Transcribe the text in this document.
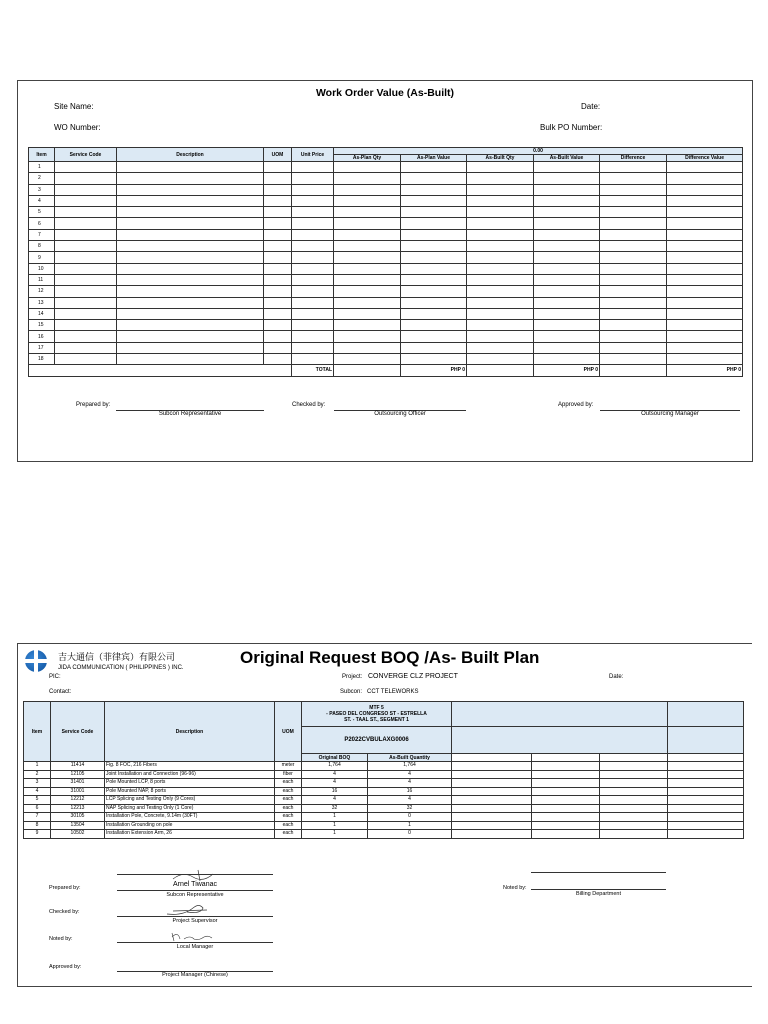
Work Order Value (As-Built)
Site Name:	Date:
WO Number:	Bulk PO Number:
Item	Service Code	Description	UOM	Unit Price	0.00					
					As-Plan Qty	As-Plan Value	As-Built Qty	As-Built Value	Difference	Difference Value
1										
2										
3										
4										
5										
6										
7										
8										
9										
10										
11										
12										
13										
14										
15										
16										
17										
18										
				TOTAL		PHP 0		PHP 0		PHP 0
Prepared by:
Subcon Representative
Checked by:
Outsourcing Officer
Approved by:
Outsourcing Manager
吉大通信（菲律宾）有限公司
JIDA COMMUNICATION ( PHILIPPINES ) INC.
Original Request BOQ /As- Built Plan
PIC:	Project: CONVERGE CLZ PROJECT	Date:
Contact:	Subcon: CCT TELEWORKS
Item	Service Code	Description	UOM	MTF 5
- PASEO DEL CONGRESO ST - ESTRELLA
ST. - TAAL ST., SEGMENT 1					

				P2022CVBULAXG0006					
				Original BOQ	As-Built Quantity				
1	11414	Fig. 8 FOC, 216 Fibers	meter	1,764	1,764				
2	12105	Joint Installation and Connection (96-96)	fiber	4	4				
3	31401	Pole Mounted LCP, 8 ports	each	4	4				
4	31001	Pole Mounted NAP, 8 ports	each	16	16				
5	12212	LCP Splicing and Testing Only (9 Cores)	each	4	4				
6	12213	NAP Splicing and Testing Only (1 Core)	each	32	32				
7	30105	Installation Pole, Concrete, 9.14m (30FT)	each	1	0				
8	13504	Installation Grounding on pole	each	1	1				
9	10502	Installation Extension Arm, 26	each	1	0				
Prepared by:	Arnel Tiwanac
Subcon Representative
Checked by:
Project Supervisor
Noted by:
Local Manager
Approved by:
Project Manager (Chinese)
Noted by:
Billing Department
